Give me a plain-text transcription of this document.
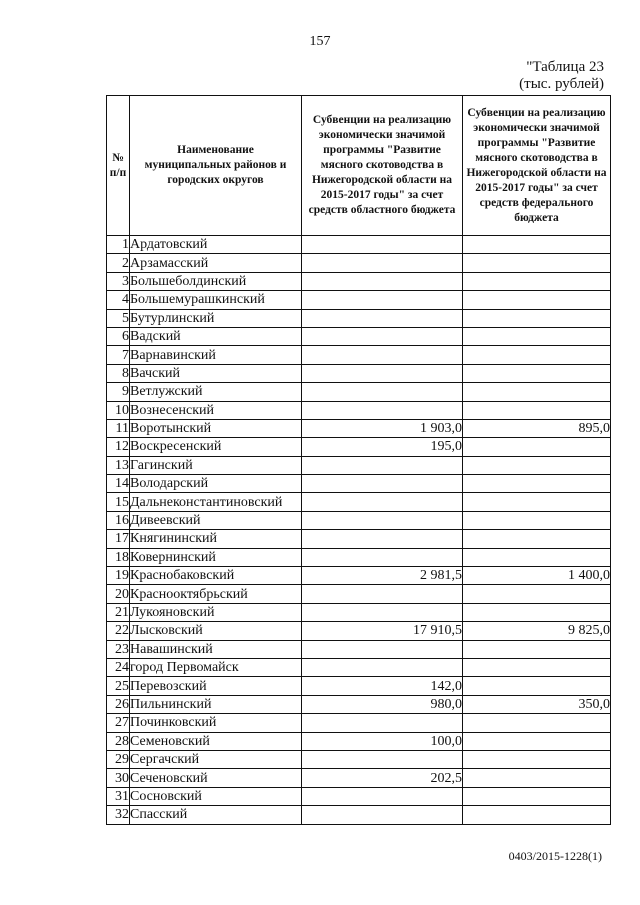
157
"Таблица 23
(тыс. рублей)
№ п/п	Наименование муниципальных районов и городских округов	Субвенции на реализацию экономически значимой программы "Развитие мясного скотоводства в Нижегородской области на 2015-2017 годы" за счет средств областного бюджета	Субвенции на реализацию экономически значимой программы "Развитие мясного скотоводства в Нижегородской области на 2015-2017 годы" за счет средств федерального бюджета
1	Ардатовский		
2	Арзамасский		
3	Большеболдинский		
4	Большемурашкинский		
5	Бутурлинский		
6	Вадский		
7	Варнавинский		
8	Вачский		
9	Ветлужский		
10	Вознесенский		
11	Воротынский	1 903,0	895,0
12	Воскресенский	195,0	
13	Гагинский		
14	Володарский		
15	Дальнеконстантиновский		
16	Дивеевский		
17	Княгининский		
18	Ковернинский		
19	Краснобаковский	2 981,5	1 400,0
20	Краснооктябрьский		
21	Лукояновский		
22	Лысковский	17 910,5	9 825,0
23	Навашинский		
24	город Первомайск		
25	Перевозский	142,0	
26	Пильнинский	980,0	350,0
27	Починковский		
28	Семеновский	100,0	
29	Сергачский		
30	Сеченовский	202,5	
31	Сосновский		
32	Спасский		
0403/2015-1228(1)
